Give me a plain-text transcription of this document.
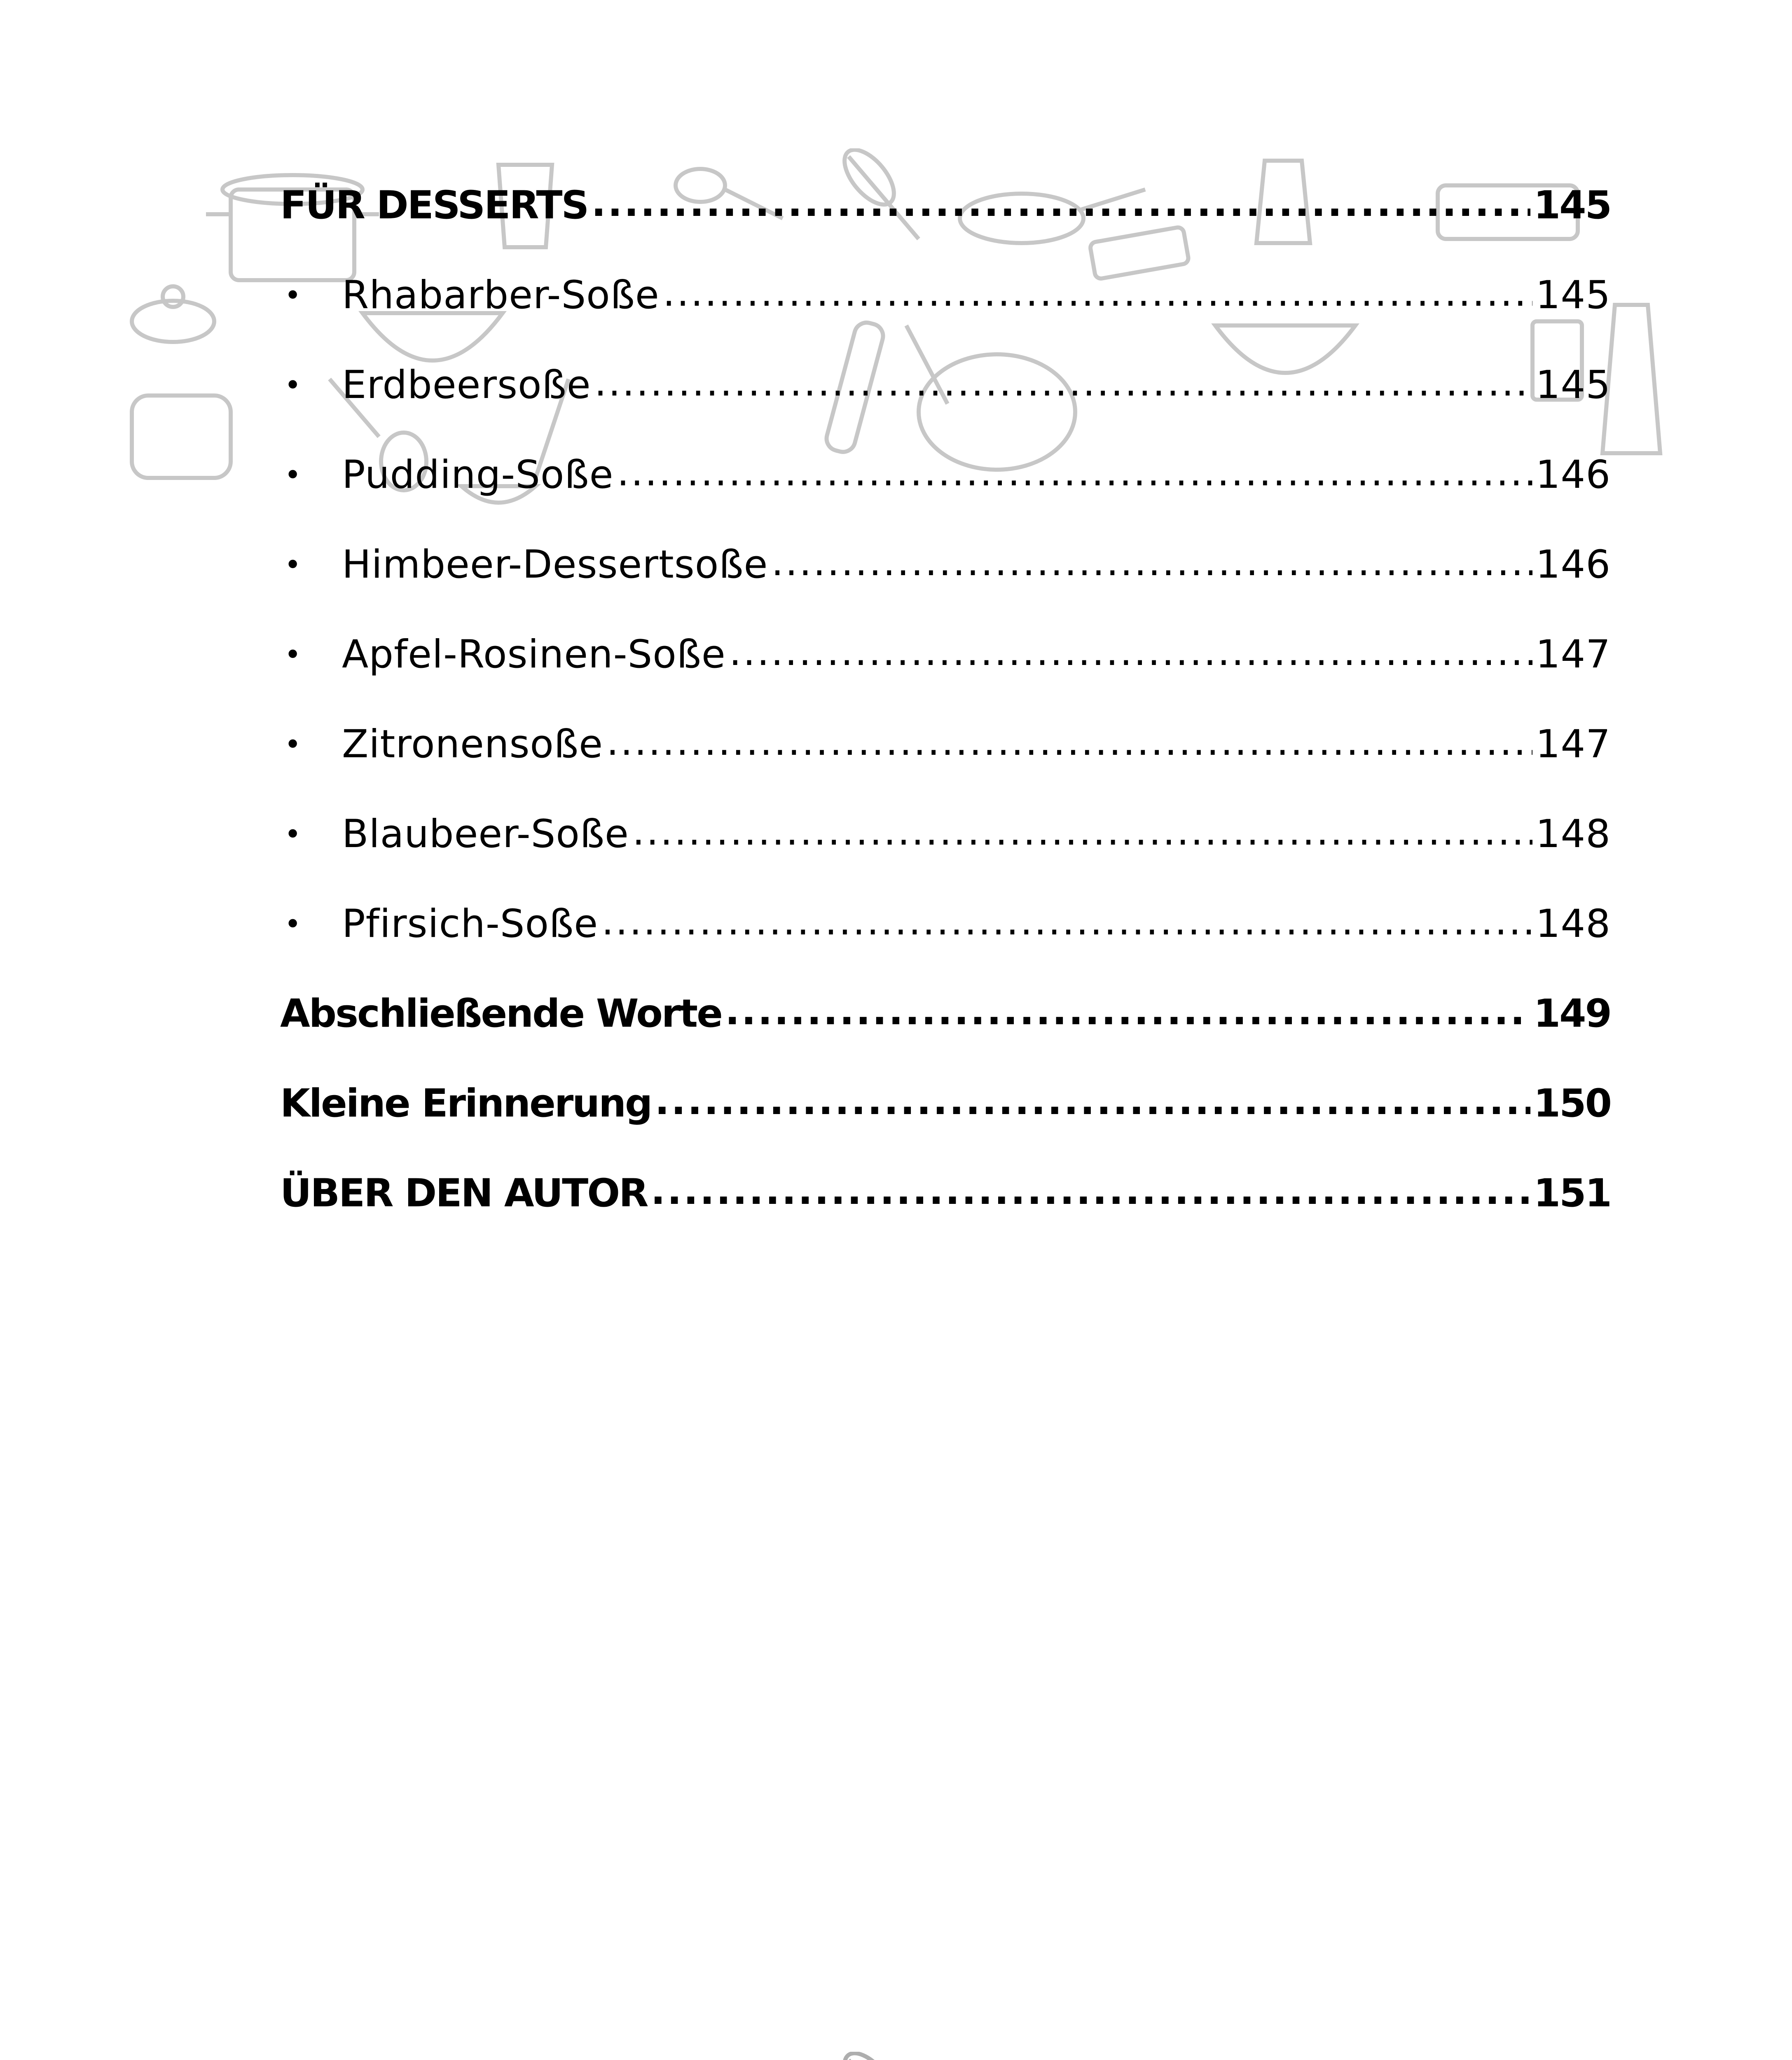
FÜR DESSERTS .....	145
•	Rhabarber-Soße .....	145
•	Erdbeersoße .....	145
•	Pudding-Soße .....	146
•	Himbeer-Dessertsoße .....	146
•	Apfel-Rosinen-Soße .....	147
•	Zitronensoße .....	147
•	Blaubeer-Soße .....	148
•	Pfirsich-Soße .....	148
Abschließende Worte .....	149
Kleine Erinnerung .....	150
ÜBER DEN AUTOR .....	151
